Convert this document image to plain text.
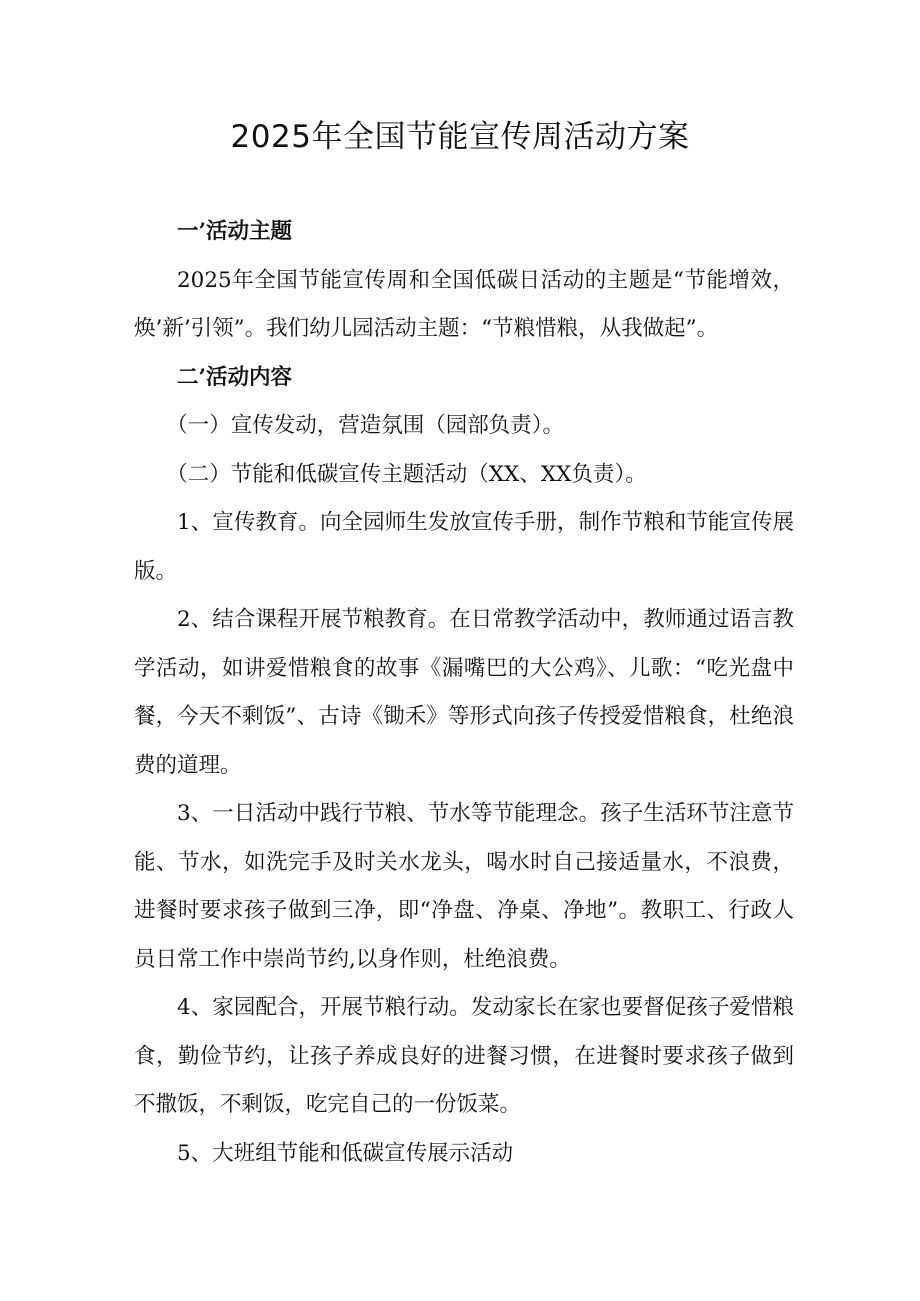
2025年全国节能宣传周活动方案

一’活动主题

2025年全国节能宣传周和全国低碳日活动的主题是“节能增效，焕’新’引领”。我们幼儿园活动主题：“节粮惜粮，从我做起”。

二’活动内容

（一）宣传发动，营造氛围（园部负责）。

（二）节能和低碳宣传主题活动（XX、XX负责）。

1、宣传教育。向全园师生发放宣传手册，制作节粮和节能宣传展版。

2、结合课程开展节粮教育。在日常教学活动中，教师通过语言教学活动，如讲爱惜粮食的故事《漏嘴巴的大公鸡》、儿歌：“吃光盘中餐，今天不剩饭”、古诗《锄禾》等形式向孩子传授爱惜粮食，杜绝浪费的道理。

3、一日活动中践行节粮、节水等节能理念。孩子生活环节注意节能、节水，如洗完手及时关水龙头，喝水时自己接适量水，不浪费，进餐时要求孩子做到三净，即“净盘、净桌、净地”。教职工、行政人员日常工作中崇尚节约,以身作则，杜绝浪费。

4、家园配合，开展节粮行动。发动家长在家也要督促孩子爱惜粮食，勤俭节约，让孩子养成良好的进餐习惯，在进餐时要求孩子做到不撒饭，不剩饭，吃完自己的一份饭菜。

5、大班组节能和低碳宣传展示活动
